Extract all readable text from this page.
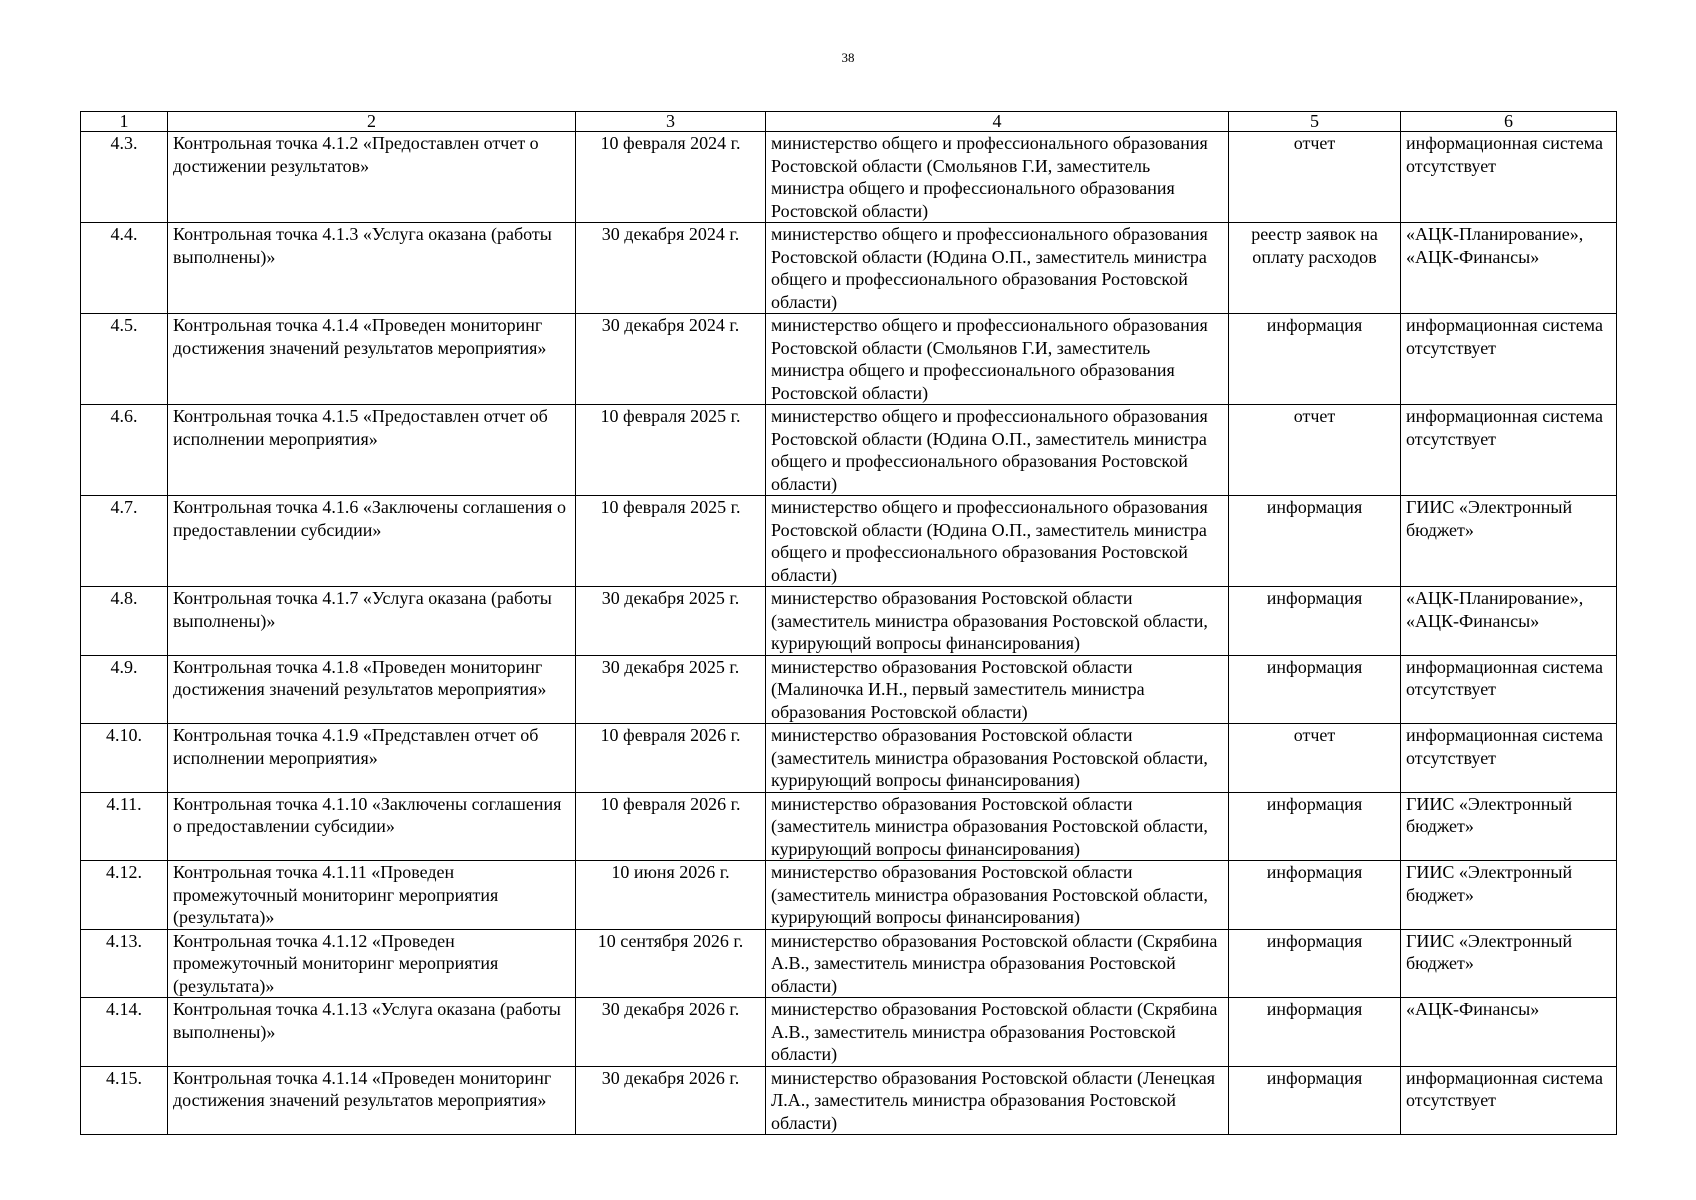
38
1	2	3	4	5	6
4.3.	Контрольная точка 4.1.2 «Предоставлен отчет о достижении результатов»	10 февраля 2024 г.	министерство общего и профессионального образования Ростовской области (Смольянов Г.И, заместитель министра общего и профессионального образования Ростовской области)	отчет	информационная система отсутствует
4.4.	Контрольная точка 4.1.3 «Услуга оказана (работы выполнены)»	30 декабря 2024 г.	министерство общего и профессионального образования Ростовской области (Юдина О.П., заместитель министра общего и профессионального образования Ростовской области)	реестр заявок на оплату расходов	«АЦК-Планирование», «АЦК-Финансы»
4.5.	Контрольная точка 4.1.4 «Проведен мониторинг достижения значений результатов мероприятия»	30 декабря 2024 г.	министерство общего и профессионального образования Ростовской области (Смольянов Г.И, заместитель министра общего и профессионального образования Ростовской области)	информация	информационная система отсутствует
4.6.	Контрольная точка 4.1.5 «Предоставлен отчет об исполнении мероприятия»	10 февраля 2025 г.	министерство общего и профессионального образования Ростовской области (Юдина О.П., заместитель министра общего и профессионального образования Ростовской области)	отчет	информационная система отсутствует
4.7.	Контрольная точка 4.1.6 «Заключены соглашения о предоставлении субсидии»	10 февраля 2025 г.	министерство общего и профессионального образования Ростовской области (Юдина О.П., заместитель министра общего и профессионального образования Ростовской области)	информация	ГИИС «Электронный бюджет»
4.8.	Контрольная точка 4.1.7 «Услуга оказана (работы выполнены)»	30 декабря 2025 г.	министерство образования Ростовской области (заместитель министра образования Ростовской области, курирующий вопросы финансирования)	информация	«АЦК-Планирование», «АЦК-Финансы»
4.9.	Контрольная точка 4.1.8 «Проведен мониторинг достижения значений результатов мероприятия»	30 декабря 2025 г.	министерство образования Ростовской области (Малиночка И.Н., первый заместитель министра образования Ростовской области)	информация	информационная система отсутствует
4.10.	Контрольная точка 4.1.9 «Представлен отчет об исполнении мероприятия»	10 февраля 2026 г.	министерство образования Ростовской области (заместитель министра образования Ростовской области, курирующий вопросы финансирования)	отчет	информационная система отсутствует
4.11.	Контрольная точка 4.1.10 «Заключены соглашения о предоставлении субсидии»	10 февраля 2026 г.	министерство образования Ростовской области (заместитель министра образования Ростовской области, курирующий вопросы финансирования)	информация	ГИИС «Электронный бюджет»
4.12.	Контрольная точка 4.1.11 «Проведен промежуточный мониторинг мероприятия (результата)»	10 июня 2026 г.	министерство образования Ростовской области (заместитель министра образования Ростовской области, курирующий вопросы финансирования)	информация	ГИИС «Электронный бюджет»
4.13.	Контрольная точка 4.1.12 «Проведен промежуточный мониторинг мероприятия (результата)»	10 сентября 2026 г.	министерство образования Ростовской области (Скрябина А.В., заместитель министра образования Ростовской области)	информация	ГИИС «Электронный бюджет»
4.14.	Контрольная точка 4.1.13 «Услуга оказана (работы выполнены)»	30 декабря 2026 г.	министерство образования Ростовской области (Скрябина А.В., заместитель министра образования Ростовской области)	информация	«АЦК-Финансы»
4.15.	Контрольная точка 4.1.14 «Проведен мониторинг достижения значений результатов мероприятия»	30 декабря 2026 г.	министерство образования Ростовской области (Ленецкая Л.А., заместитель министра образования Ростовской области)	информация	информационная система отсутствует
